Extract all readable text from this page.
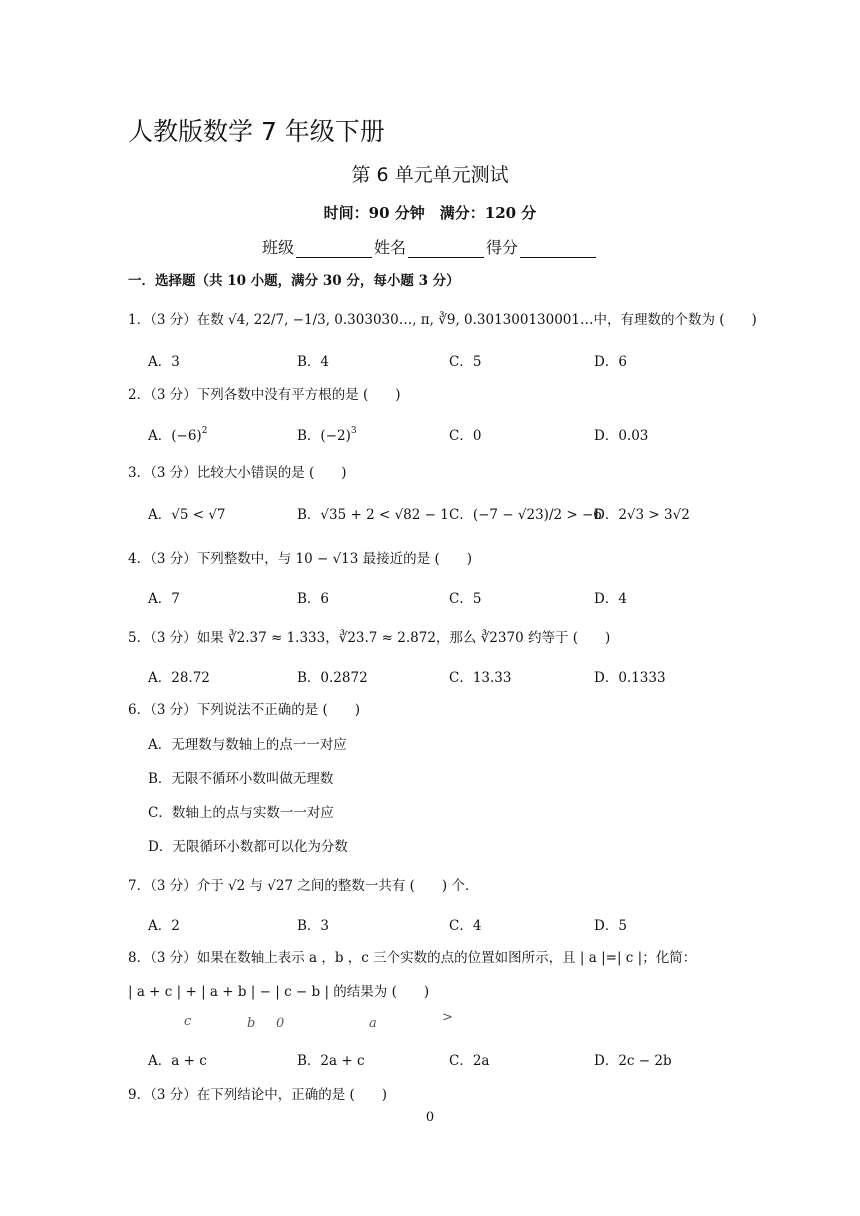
人教版数学 7 年级下册
第 6 单元单元测试
时间：90 分钟　满分：120 分
班级	姓名	得分
一．选择题（共 10 小题，满分 30 分，每小题 3 分）
1．（3 分）在数 √4, 22/7, −1/3, 0.303030…, π, ∛9, 0.301300130001…中，有理数的个数为 (　　)
A．3	B．4	C．5	D．6
2．（3 分）下列各数中没有平方根的是 (　　)
A．$(-6)^2$	B．$(-2)^3$	C．0	D．0.03
3．（3 分）比较大小错误的是 (　　)
A．√5 < √7	B．√35 + 2 < √82 − 1 C．(−7 − √23)/2 > −6
D．2√3 > 3√2
4．（3 分）下列整数中，与 10 − √13 最接近的是 (　　)
A．7	B．6	C．5	D．4
5．（3 分）如果 ∛2.37 ≈ 1.333，∛23.7 ≈ 2.872，那么 ∛2370 约等于 (　　)
A．28.72	B．0.2872	C．13.33	D．0.1333
6．（3 分）下列说法不正确的是 (　　)
A．无理数与数轴上的点一一对应
B．无限不循环小数叫做无理数
C．数轴上的点与实数一一对应
D．无限循环小数都可以化为分数
7．（3 分）介于 √2 与 √27 之间的整数一共有 (　　) 个．
A．2	B．3	C．4	D．5
8．（3 分）如果在数轴上表示 a ，b ，c 三个实数的点的位置如图所示，且 | a |=| c |；化简：
| a + c | + | a + b | − | c − b | 的结果为 (　　)
c	b 0	a	>
A．a + c	B．2a + c	C．2a	D．2c − 2b
9．（3 分）在下列结论中，正确的是 (　　)
0
